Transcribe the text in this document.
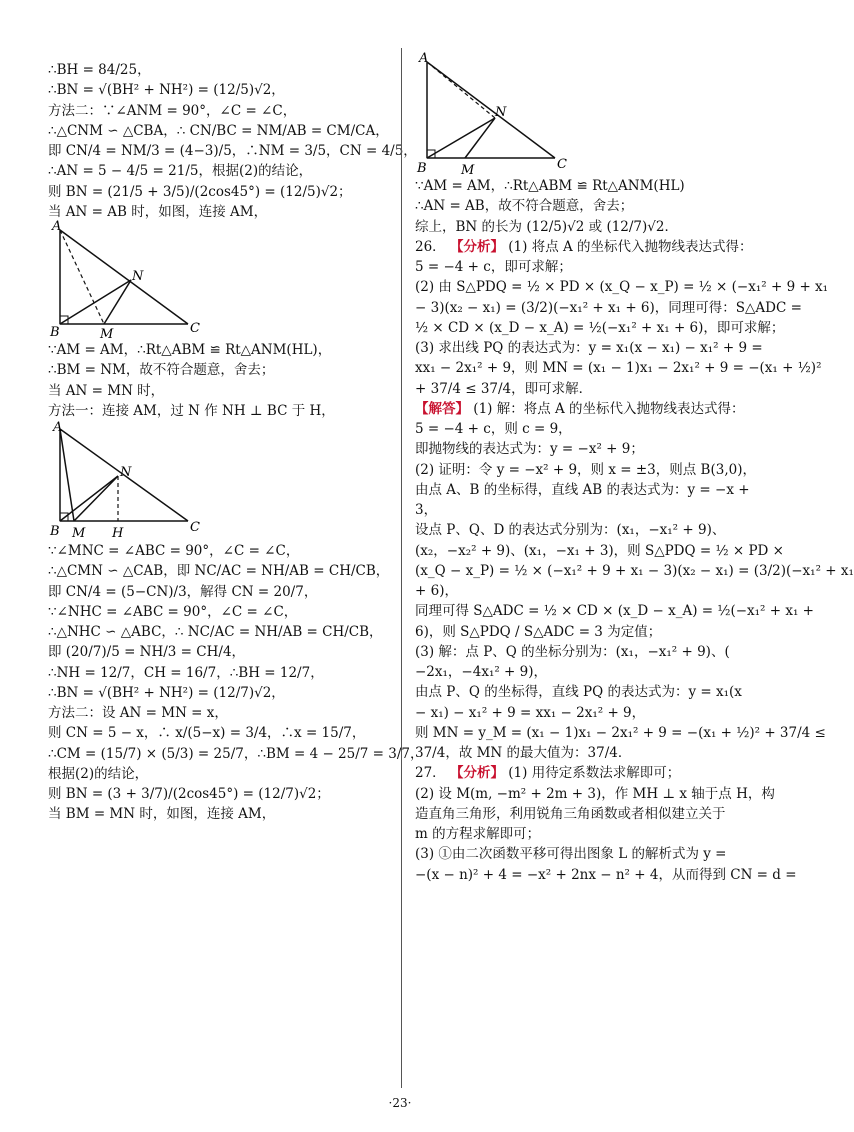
∴BH = 84/25，
∴BN = √(BH² + NH²) = (12/5)√2，
方法二：∵∠ANM = 90°，∠C = ∠C，
∴△CNM ∽ △CBA，∴ CN/BC = NM/AB = CM/CA，
即 CN/4 = NM/3 = (4−3)/5，∴NM = 3/5，CN = 4/5，
∴AN = 5 − 4/5 = 21/5，根据(2)的结论，
则 BN = (21/5 + 3/5)/(2cos45°) = (12/5)√2；
当 AN = AB 时，如图，连接 AM，
A
B	C
M
N
∵AM = AM，∴Rt△ABM ≌ Rt△ANM(HL)，
∴BM = NM，故不符合题意，舍去；
当 AN = MN 时，
方法一：连接 AM，过 N 作 NH ⊥ BC 于 H，
A
B	C
M
N
H
∵∠MNC = ∠ABC = 90°，∠C = ∠C，
∴△CMN ∽ △CAB，即 NC/AC = NH/AB = CH/CB，
即 CN/4 = (5−CN)/3，解得 CN = 20/7，
∵∠NHC = ∠ABC = 90°，∠C = ∠C，
∴△NHC ∽ △ABC，∴ NC/AC = NH/AB = CH/CB，
即 (20/7)/5 = NH/3 = CH/4，
∴NH = 12/7，CH = 16/7，∴BH = 12/7，
∴BN = √(BH² + NH²) = (12/7)√2，
方法二：设 AN = MN = x，
则 CN = 5 − x，∴ x/(5−x) = 3/4，∴x = 15/7，
∴CM = (15/7) × (5/3) = 25/7，∴BM = 4 − 25/7 = 3/7，
根据(2)的结论，
则 BN = (3 + 3/7)/(2cos45°) = (12/7)√2；
当 BM = MN 时，如图，连接 AM，
A
B	C
M
N
∵AM = AM，∴Rt△ABM ≌ Rt△ANM(HL)
∴AN = AB，故不符合题意，舍去；
综上，BN 的长为 (12/5)√2 或 (12/7)√2．
26． 【分析】 (1) 将点 A 的坐标代入抛物线表达式得：
5 = −4 + c，即可求解；
(2) 由 S△PDQ = ½ × PD × (x_Q − x_P) = ½ × (−x₁² + 9 + x₁
− 3)(x₂ − x₁) = (3/2)(−x₁² + x₁ + 6)，同理可得：S△ADC =
½ × CD × (x_D − x_A) = ½(−x₁² + x₁ + 6)，即可求解；
(3) 求出线 PQ 的表达式为：y = x₁(x − x₁) − x₁² + 9 =
xx₁ − 2x₁² + 9，则 MN = (x₁ − 1)x₁ − 2x₁² + 9 = −(x₁ + ½)²
+ 37/4 ≤ 37/4，即可求解．
【解答】 (1) 解：将点 A 的坐标代入抛物线表达式得：
5 = −4 + c，则 c = 9，
即抛物线的表达式为：y = −x² + 9；
(2) 证明：令 y = −x² + 9，则 x = ±3，则点 B(3,0)，
由点 A、B 的坐标得，直线 AB 的表达式为：y = −x +
3，
设点 P、Q、D 的表达式分别为：(x₁，−x₁² + 9)、
(x₂，−x₂² + 9)、(x₁，−x₁ + 3)，则 S△PDQ = ½ × PD ×
(x_Q − x_P) = ½ × (−x₁² + 9 + x₁ − 3)(x₂ − x₁) = (3/2)(−x₁² + x₁
+ 6)，
同理可得 S△ADC = ½ × CD × (x_D − x_A) = ½(−x₁² + x₁ +
6)，则 S△PDQ / S△ADC = 3 为定值；
(3) 解：点 P、Q 的坐标分别为：(x₁，−x₁² + 9)、(
−2x₁，−4x₁² + 9)，
由点 P、Q 的坐标得，直线 PQ 的表达式为：y = x₁(x
− x₁) − x₁² + 9 = xx₁ − 2x₁² + 9，
则 MN = y_M = (x₁ − 1)x₁ − 2x₁² + 9 = −(x₁ + ½)² + 37/4 ≤
37/4，故 MN 的最大值为：37/4．
27． 【分析】 (1) 用待定系数法求解即可；
(2) 设 M(m, −m² + 2m + 3)，作 MH ⊥ x 轴于点 H，构
造直角三角形，利用锐角三角函数或者相似建立关于
m 的方程求解即可；
(3) ①由二次函数平移可得出图象 L 的解析式为 y =
−(x − n)² + 4 = −x² + 2nx − n² + 4，从而得到 CN = d =
·23·
